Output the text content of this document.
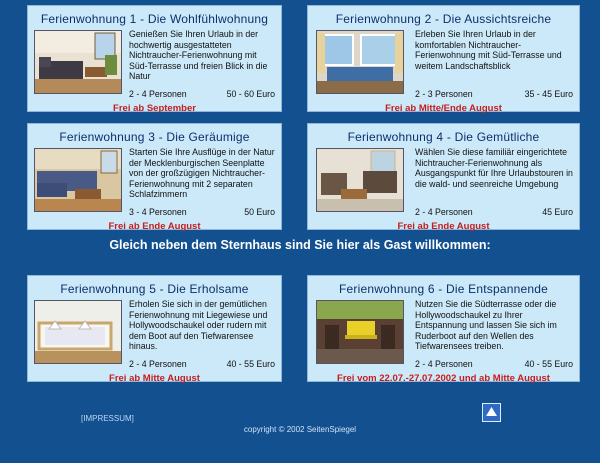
Ferienwohnung 1 - Die Wohlfühlwohnung
Genießen Sie Ihren Urlaub in der hochwertig ausgestatteten Nichtraucher-Ferienwohnung mit Süd-Terrasse und freien Blick in die Natur
2 - 4 Personen	50 - 60 Euro
Frei ab September
Ferienwohnung 2 - Die Aussichtsreiche
Erleben Sie Ihren Urlaub in der komfortablen Nichtraucher-Ferienwohnung mit Süd-Terrasse und weitem Landschaftsblick
2 - 3 Personen	35 - 45 Euro
Frei ab Mitte/Ende August
Ferienwohnung 3 - Die Geräumige
Starten Sie Ihre Ausflüge in der Natur der Mecklenburgischen Seenplatte von der großzügigen Nichtraucher-Ferienwohnung mit 2 separaten Schlafzimmern
3 - 4 Personen	50 Euro
Frei ab Ende August
Ferienwohnung 4 - Die Gemütliche
Wählen Sie diese familiär eingerichtete Nichtraucher-Ferienwohnung als Ausgangspunkt für Ihre Urlaubstouren in die wald- und seenreiche Umgebung
2 - 4 Personen	45 Euro
Frei ab Ende August
Gleich neben dem Sternhaus sind Sie hier als Gast willkommen:
Ferienwohnung 5 - Die Erholsame
Erholen Sie sich in der gemütlichen Ferienwohnung mit Liegewiese und Hollywoodschaukel oder rudern mit dem Boot auf den Tiefwarensee hinaus.
2 - 4 Personen	40 - 55 Euro
Frei ab Mitte August
Ferienwohnung 6 - Die Entspannende
Nutzen Sie die Südterrasse oder die Hollywoodschaukel zu Ihrer Entspannung und lassen Sie sich im Ruderboot auf den Wellen des Tiefwarensees treiben.
2 - 4 Personen	40 - 55 Euro
Frei vom 22.07.-27.07.2002 und ab Mitte August
[IMPRESSUM]
copyright © 2002 SeitenSpiegel
